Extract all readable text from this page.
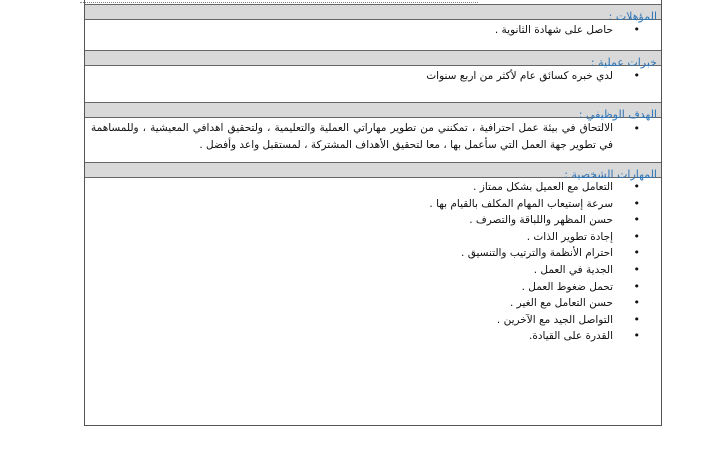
المؤهلات :
• حاصل على شهادة الثانوية .
خبرات عملية :
• لدي خبره كسائق عام لأكثر من اربع سنوات
الهدف الوظيفي :
• الالتحاق في بيئة عمل احترافية ، تمكنني من تطوير مهاراتي العملية والتعليمية ، ولتحقيق اهدافي المعيشية ، وللمساهمة في تطوير جهة العمل التي سأعمل بها ، معا لتحقيق الأهداف المشتركة ، لمستقبل واعد وأفضل .
المهارات الشخصية :
• التعامل مع العميل بشكل ممتاز .
• سرعة إستيعاب المهام المكلف بالقيام بها .
• حسن المظهر واللباقة والتصرف .
• إجادة تطوير الذات .
• احترام الأنظمة والترتيب والتنسيق .
• الجدية في العمل .
• تحمل ضغوط العمل .
• حسن التعامل مع الغير .
• التواصل الجيد مع الآخرين .
• القدرة على القيادة.
